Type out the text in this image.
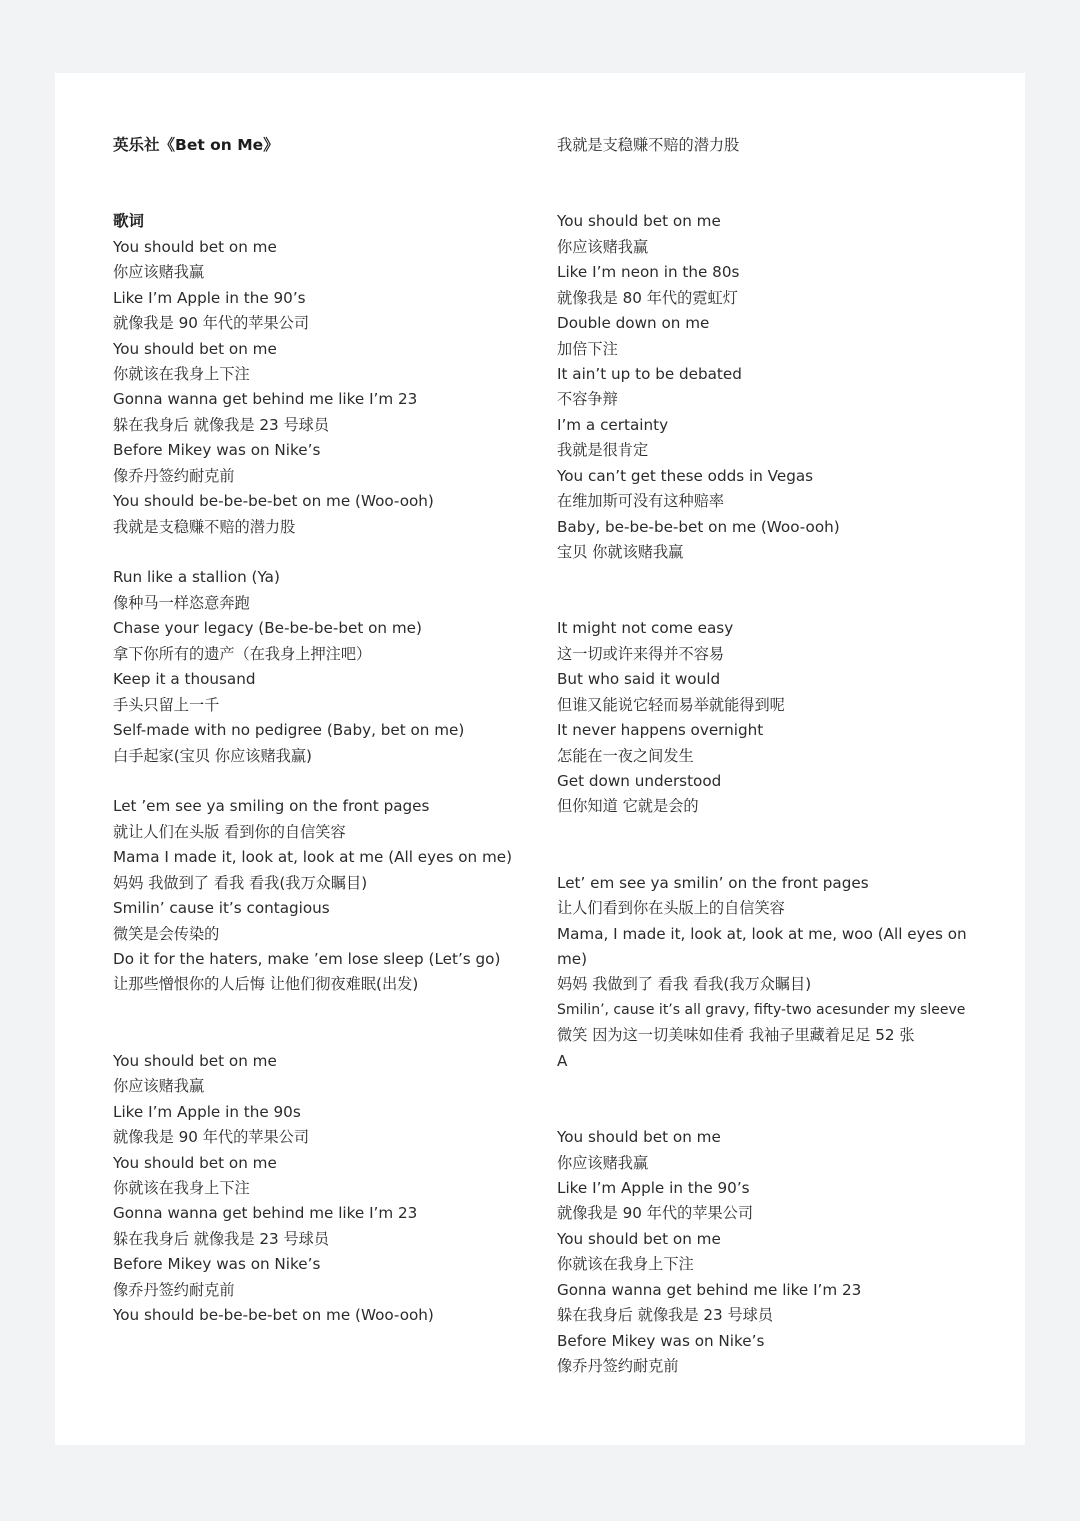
英乐社《Bet on Me》
歌词
You should bet on me
你应该赌我赢
Like I’m Apple in the 90’s
就像我是 90 年代的苹果公司
You should bet on me
你就该在我身上下注
Gonna wanna get behind me like I’m 23
躲在我身后 就像我是 23 号球员
Before Mikey was on Nike’s
像乔丹签约耐克前
You should be-be-be-bet on me (Woo-ooh)
我就是支稳赚不赔的潜力股
Run like a stallion (Ya)
像种马一样恣意奔跑
Chase your legacy (Be-be-be-bet on me)
拿下你所有的遗产（在我身上押注吧）
Keep it a thousand
手头只留上一千
Self-made with no pedigree (Baby, bet on me)
白手起家(宝贝 你应该赌我赢)
Let ’em see ya smiling on the front pages
就让人们在头版 看到你的自信笑容
Mama I made it, look at, look at me (All eyes on me)
妈妈 我做到了 看我 看我(我万众瞩目)
Smilin’ cause it’s contagious
微笑是会传染的
Do it for the haters, make ’em lose sleep (Let’s go)
让那些憎恨你的人后悔 让他们彻夜难眠(出发)
You should bet on me
你应该赌我赢
Like I’m Apple in the 90s
就像我是 90 年代的苹果公司
You should bet on me
你就该在我身上下注
Gonna wanna get behind me like I’m 23
躲在我身后 就像我是 23 号球员
Before Mikey was on Nike’s
像乔丹签约耐克前
You should be-be-be-bet on me (Woo-ooh)
我就是支稳赚不赔的潜力股
You should bet on me
你应该赌我赢
Like I’m neon in the 80s
就像我是 80 年代的霓虹灯
Double down on me
加倍下注
It ain’t up to be debated
不容争辩
I’m a certainty
我就是很肯定
You can’t get these odds in Vegas
在维加斯可没有这种赔率
Baby, be-be-be-bet on me (Woo-ooh)
宝贝 你就该赌我赢
It might not come easy
这一切或许来得并不容易
But who said it would
但谁又能说它轻而易举就能得到呢
It never happens overnight
怎能在一夜之间发生
Get down understood
但你知道 它就是会的
Let’ em see ya smilin’ on the front pages
让人们看到你在头版上的自信笑容
Mama, I made it, look at, look at me, woo (All eyes on
me)
妈妈 我做到了 看我 看我(我万众瞩目)
Smilin’, cause it’s all gravy, fifty-two acesunder my sleeve
微笑 因为这一切美味如佳肴 我袖子里藏着足足 52 张
A
You should bet on me
你应该赌我赢
Like I’m Apple in the 90’s
就像我是 90 年代的苹果公司
You should bet on me
你就该在我身上下注
Gonna wanna get behind me like I’m 23
躲在我身后 就像我是 23 号球员
Before Mikey was on Nike’s
像乔丹签约耐克前
